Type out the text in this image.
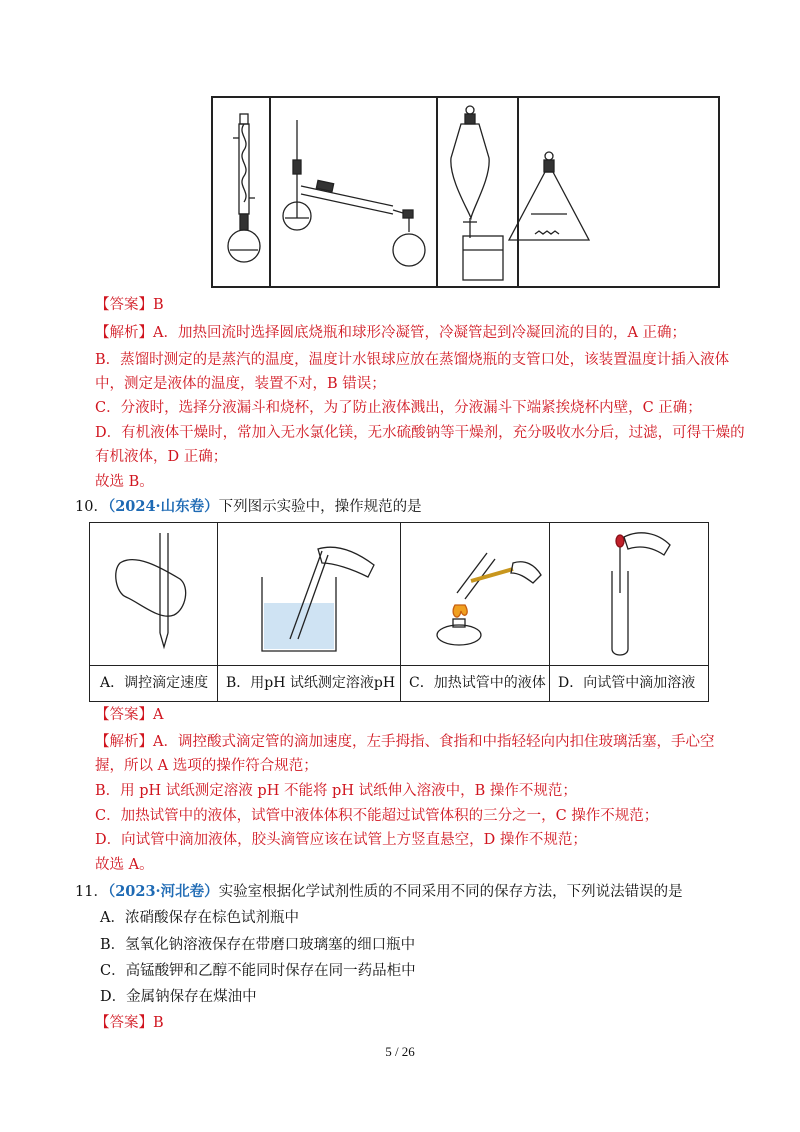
【答案】B
【解析】A．加热回流时选择圆底烧瓶和球形冷凝管，冷凝管起到冷凝回流的目的，A 正确；
B．蒸馏时测定的是蒸汽的温度，温度计水银球应放在蒸馏烧瓶的支管口处，该装置温度计插入液体
中，测定是液体的温度，装置不对，B 错误；
C．分液时，选择分液漏斗和烧杯，为了防止液体溅出，分液漏斗下端紧挨烧杯内壁，C 正确；
D．有机液体干燥时，常加入无水氯化镁，无水硫酸钠等干燥剂，充分吸收水分后，过滤，可得干燥的
有机液体，D 正确；
故选 B。
10．（2024·山东卷）下列图示实验中，操作规范的是
A．调控滴定速度 B．用pH 试纸测定溶液pH C．加热试管中的液体 D．向试管中滴加溶液
【答案】A
【解析】A．调控酸式滴定管的滴加速度，左手拇指、食指和中指轻轻向内扣住玻璃活塞，手心空
握，所以 A 选项的操作符合规范；
B．用 pH 试纸测定溶液 pH 不能将 pH 试纸伸入溶液中，B 操作不规范；
C．加热试管中的液体，试管中液体体积不能超过试管体积的三分之一，C 操作不规范；
D．向试管中滴加液体，胶头滴管应该在试管上方竖直悬空，D 操作不规范；
故选 A。
11．（2023·河北卷）实验室根据化学试剂性质的不同采用不同的保存方法，下列说法错误的是
A．浓硝酸保存在棕色试剂瓶中
B．氢氧化钠溶液保存在带磨口玻璃塞的细口瓶中
C．高锰酸钾和乙醇不能同时保存在同一药品柜中
D．金属钠保存在煤油中
【答案】B
5 / 26
